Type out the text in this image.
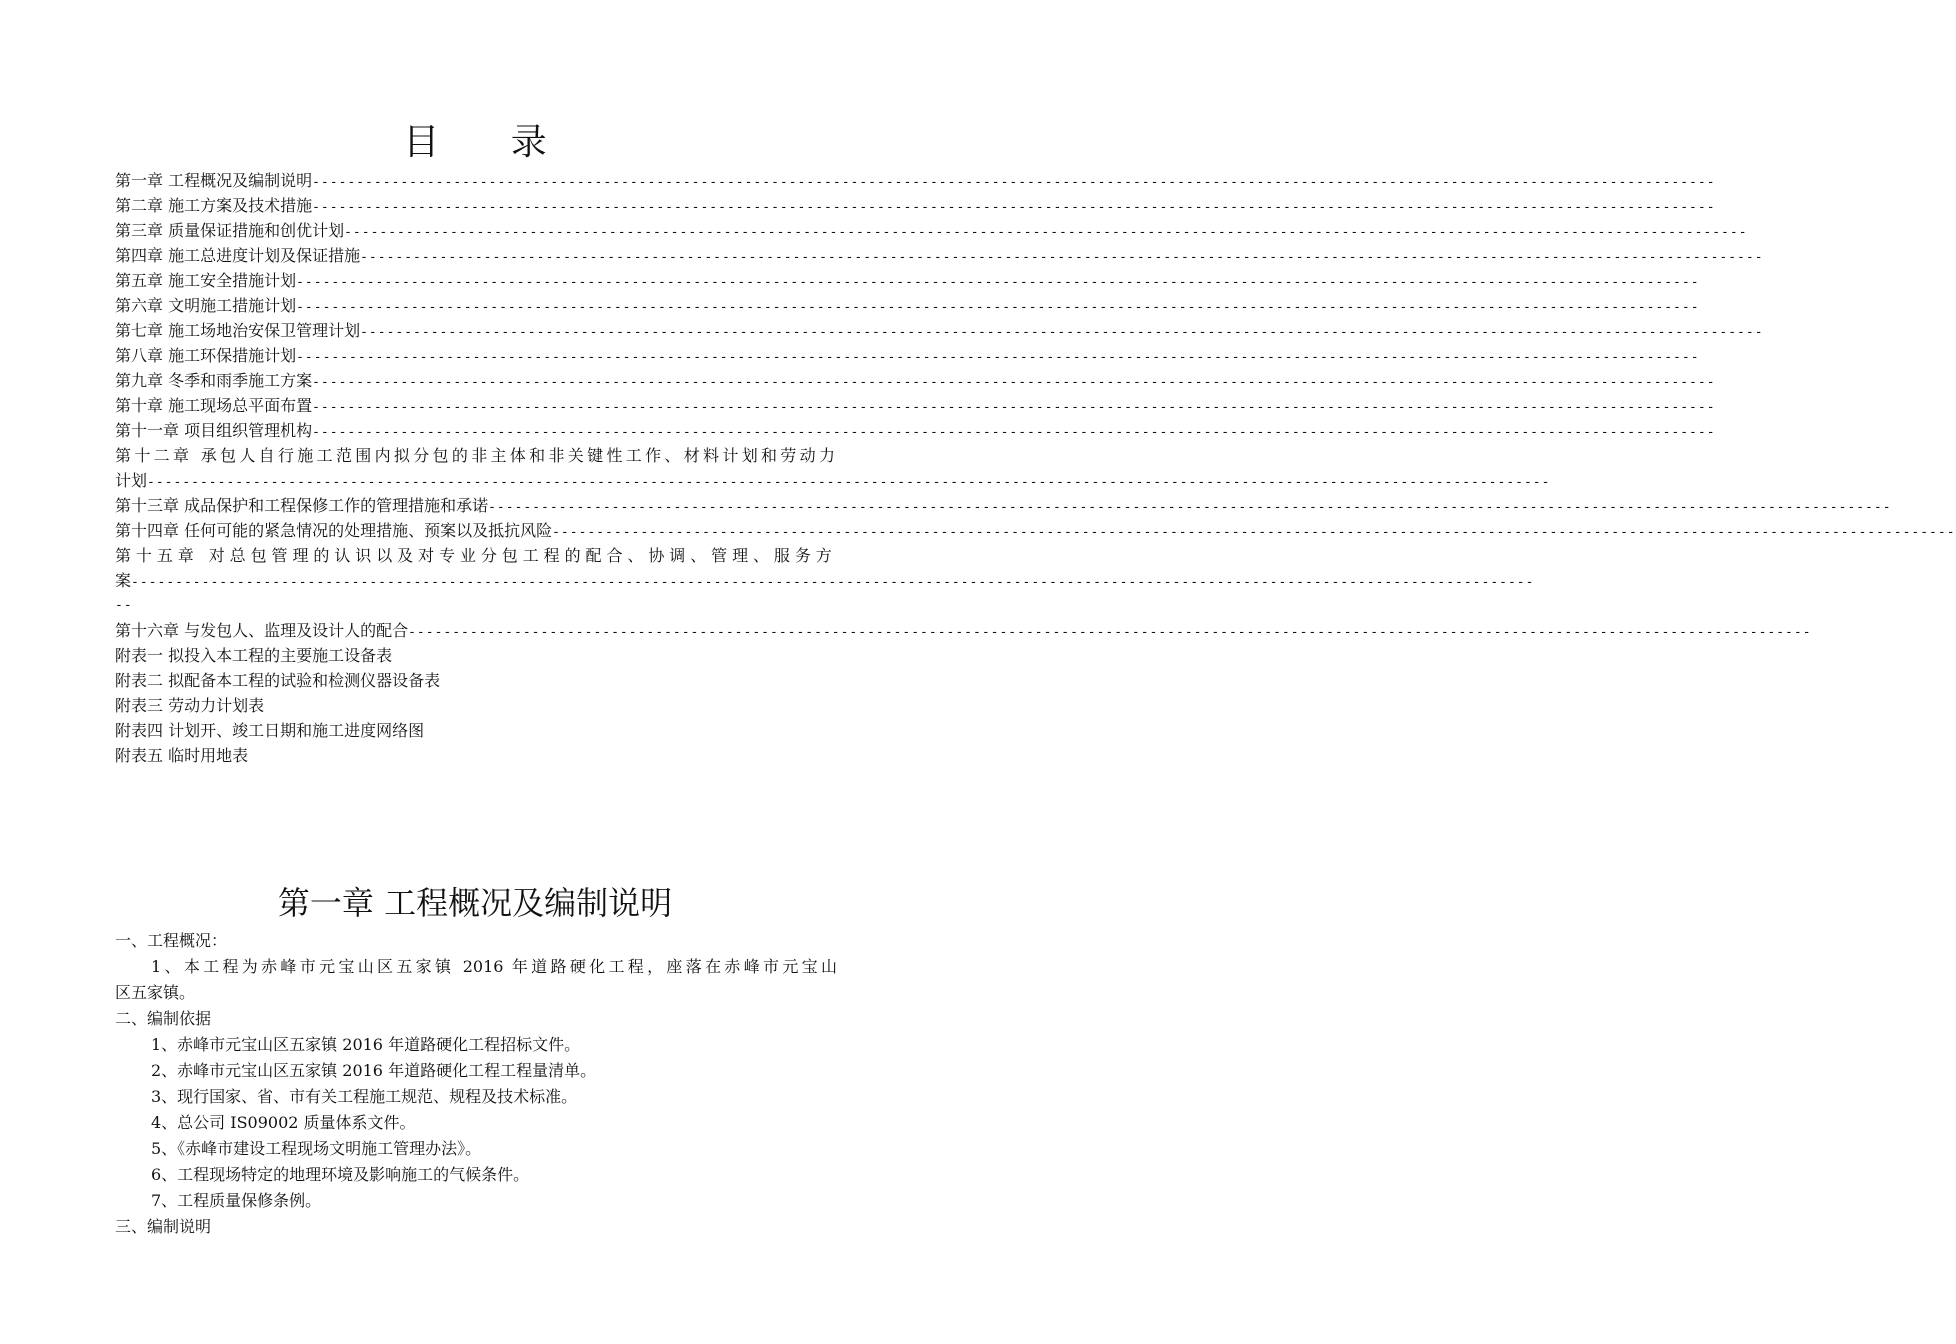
目 录
第一章 工程概况及编制说明 ---------------------------------------------------------------------------------------------------------------------------------------------------------------
第二章 施工方案及技术措施 ---------------------------------------------------------------------------------------------------------------------------------------------------------------
第三章 质量保证措施和创优计划 ---------------------------------------------------------------------------------------------------------------------------------------------------------------
第四章 施工总进度计划及保证措施 ---------------------------------------------------------------------------------------------------------------------------------------------------------------
第五章 施工安全措施计划 ---------------------------------------------------------------------------------------------------------------------------------------------------------------
第六章 文明施工措施计划 ---------------------------------------------------------------------------------------------------------------------------------------------------------------
第七章 施工场地治安保卫管理计划 ---------------------------------------------------------------------------------------------------------------------------------------------------------------
第八章 施工环保措施计划 ---------------------------------------------------------------------------------------------------------------------------------------------------------------
第九章 冬季和雨季施工方案 ---------------------------------------------------------------------------------------------------------------------------------------------------------------
第十章 施工现场总平面布置 ---------------------------------------------------------------------------------------------------------------------------------------------------------------
第十一章 项目组织管理机构 ---------------------------------------------------------------------------------------------------------------------------------------------------------------
第十二章 承包人自行施工范围内拟分包的非主体和非关键性工作、材料计划和劳动力
计划---------------------------------------------------------------------------------------------------------------------------------------------------------------
第十三章 成品保护和工程保修工作的管理措施和承诺 ---------------------------------------------------------------------------------------------------------------------------------------------------------------
第十四章 任何可能的紧急情况的处理措施、预案以及抵抗风险 ---------------------------------------------------------------------------------------------------------------------------------------------------------------
第十五章 对总包管理的认识以及对专业分包工程的配合、协调、管理、服务方
案---------------------------------------------------------------------------------------------------------------------------------------------------------------
--
第十六章 与发包人、监理及设计人的配合 ---------------------------------------------------------------------------------------------------------------------------------------------------------------
附表一 拟投入本工程的主要施工设备表
附表二 拟配备本工程的试验和检测仪器设备表
附表三 劳动力计划表
附表四 计划开、竣工日期和施工进度网络图
附表五 临时用地表
第一章 工程概况及编制说明

一、工程概况：

1、本工程为赤峰市元宝山区五家镇 2016 年道路硬化工程，座落在赤峰市元宝山

区五家镇。

二、编制依据

1、赤峰市元宝山区五家镇 2016 年道路硬化工程招标文件。

2、赤峰市元宝山区五家镇 2016 年道路硬化工程工程量清单。

3、现行国家、省、市有关工程施工规范、规程及技术标准。

4、总公司 IS09002 质量体系文件。

5、《赤峰市建设工程现场文明施工管理办法》。

6、工程现场特定的地理环境及影响施工的气候条件。

7、工程质量保修条例。

三、编制说明
